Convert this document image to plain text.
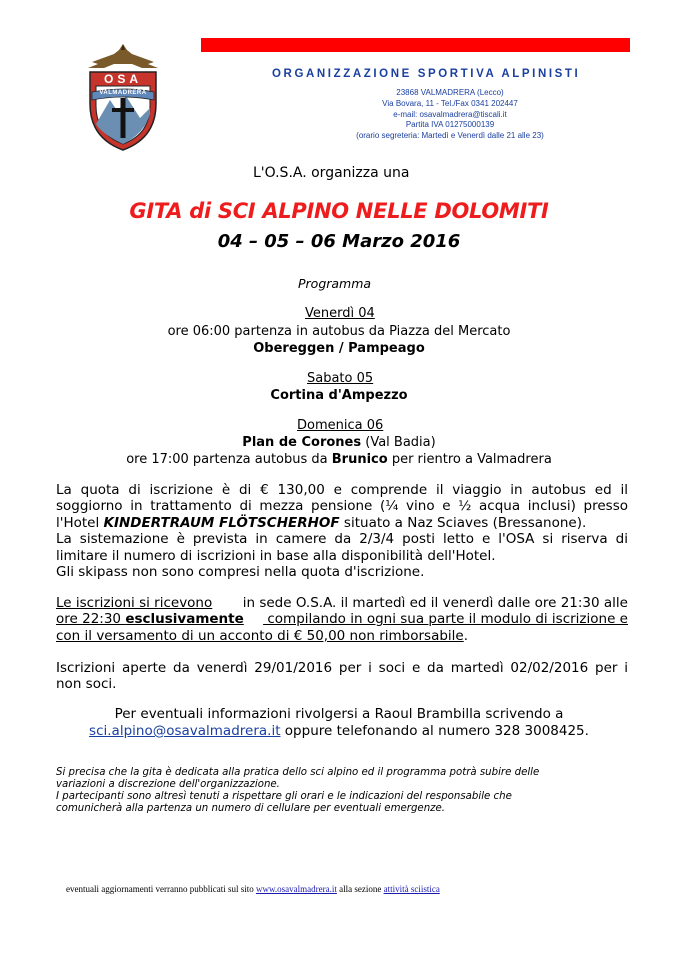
OSA
VALMADRERA
ORGANIZZAZIONE SPORTIVA ALPINISTI
23868 VALMADRERA (Lecco)
Via Bovara, 11 - Tel./Fax 0341 202447
e-mail: osavalmadrera@tiscali.it
Partita IVA 01275000139
(orario segreteria: Martedì e Venerdì dalle 21 alle 23)
L'O.S.A. organizza una
GITA di SCI ALPINO NELLE DOLOMITI
04 – 05 – 06 Marzo 2016
Programma
Venerdì 04
ore 06:00 partenza in autobus da Piazza del Mercato
Obereggen / Pampeago
Sabato 05
Cortina d'Ampezzo
Domenica 06
Plan de Corones (Val Badia)
ore 17:00 partenza autobus da Brunico per rientro a Valmadrera
La quota di iscrizione è di € 130,00 e comprende il viaggio in autobus ed il
soggiorno in trattamento di mezza pensione (¼ vino e ½ acqua inclusi) presso
l'Hotel KINDERTRAUM FLÖTSCHERHOF situato a Naz Sciaves (Bressanone).
La sistemazione è prevista in camere da 2/3/4 posti letto e l'OSA si riserva di
limitare il numero di iscrizioni in base alla disponibilità dell'Hotel.
Gli skipass non sono compresi nella quota d'iscrizione.
Le iscrizioni si ricevono in sede O.S.A. il martedì ed il venerdì dalle ore 21:30 alle
ore 22:30 esclusivamente compilando in ogni sua parte il modulo di iscrizione e
con il versamento di un acconto di € 50,00 non rimborsabile.
Iscrizioni aperte da venerdì 29/01/2016 per i soci e da martedì 02/02/2016 per i
non soci.
Per eventuali informazioni rivolgersi a Raoul Brambilla scrivendo a
sci.alpino@osavalmadrera.it oppure telefonando al numero 328 3008425.
Si precisa che la gita è dedicata alla pratica dello sci alpino ed il programma potrà subire delle
variazioni a discrezione dell'organizzazione.
I partecipanti sono altresì tenuti a rispettare gli orari e le indicazioni del responsabile che
comunicherà alla partenza un numero di cellulare per eventuali emergenze.
eventuali aggiornamenti verranno pubblicati sul sito www.osavalmadrera.it alla sezione attività sciistica
